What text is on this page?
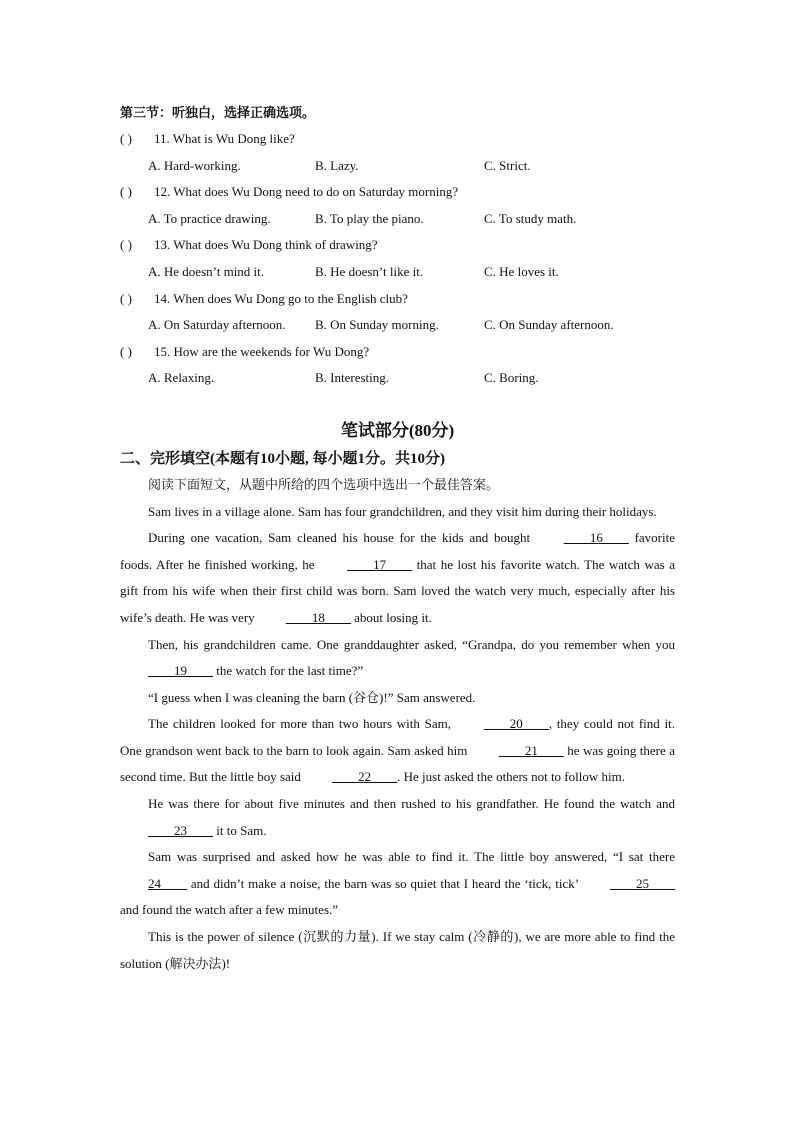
第三节：听独白，选择正确选项。
( ) 11. What is Wu Dong like?
A. Hard-working.	B. Lazy.	C. Strict.
( ) 12. What does Wu Dong need to do on Saturday morning?
A. To practice drawing.	B. To play the piano.	C. To study math.
( ) 13. What does Wu Dong think of drawing?
A. He doesn’t mind it.	B. He doesn’t like it.	C. He loves it.
( ) 14. When does Wu Dong go to the English club?
A. On Saturday afternoon. B. On Sunday morning.	C. On Sunday afternoon.
( ) 15. How are the weekends for Wu Dong?
A. Relaxing.	B. Interesting.	C. Boring.
笔试部分(80分)
二、完形填空(本题有10小题, 每小题1分。共10分)

阅读下面短文，从题中所给的四个选项中选出一个最佳答案。

Sam lives in a village alone. Sam has four grandchildren, and they visit him during their holidays.

During one vacation, Sam cleaned his house for the kids and bought ____16____ favorite foods. After he finished working, he ____17____ that he lost his favorite watch. The watch was a gift from his wife when their first child was born. Sam loved the watch very much, especially after his wife’s death. He was very ____18____ about losing it.

Then, his grandchildren came. One granddaughter asked, “Grandpa, do you remember when you ____19____ the watch for the last time?”

“I guess when I was cleaning the barn (谷仓)!” Sam answered.

The children looked for more than two hours with Sam, ____20____, they could not find it. One grandson went back to the barn to look again. Sam asked him ____21____ he was going there a second time. But the little boy said ____22____. He just asked the others not to follow him.

He was there for about five minutes and then rushed to his grandfather. He found the watch and ____23____ it to Sam.

Sam was surprised and asked how he was able to find it. The little boy answered, “I sat there 24____ and didn’t make a noise, the barn was so quiet that I heard the ‘tick, tick’ ____25____ and found the watch after a few minutes.”

This is the power of silence (沉默的力量). If we stay calm (冷静的), we are more able to find the solution (解决办法)!
